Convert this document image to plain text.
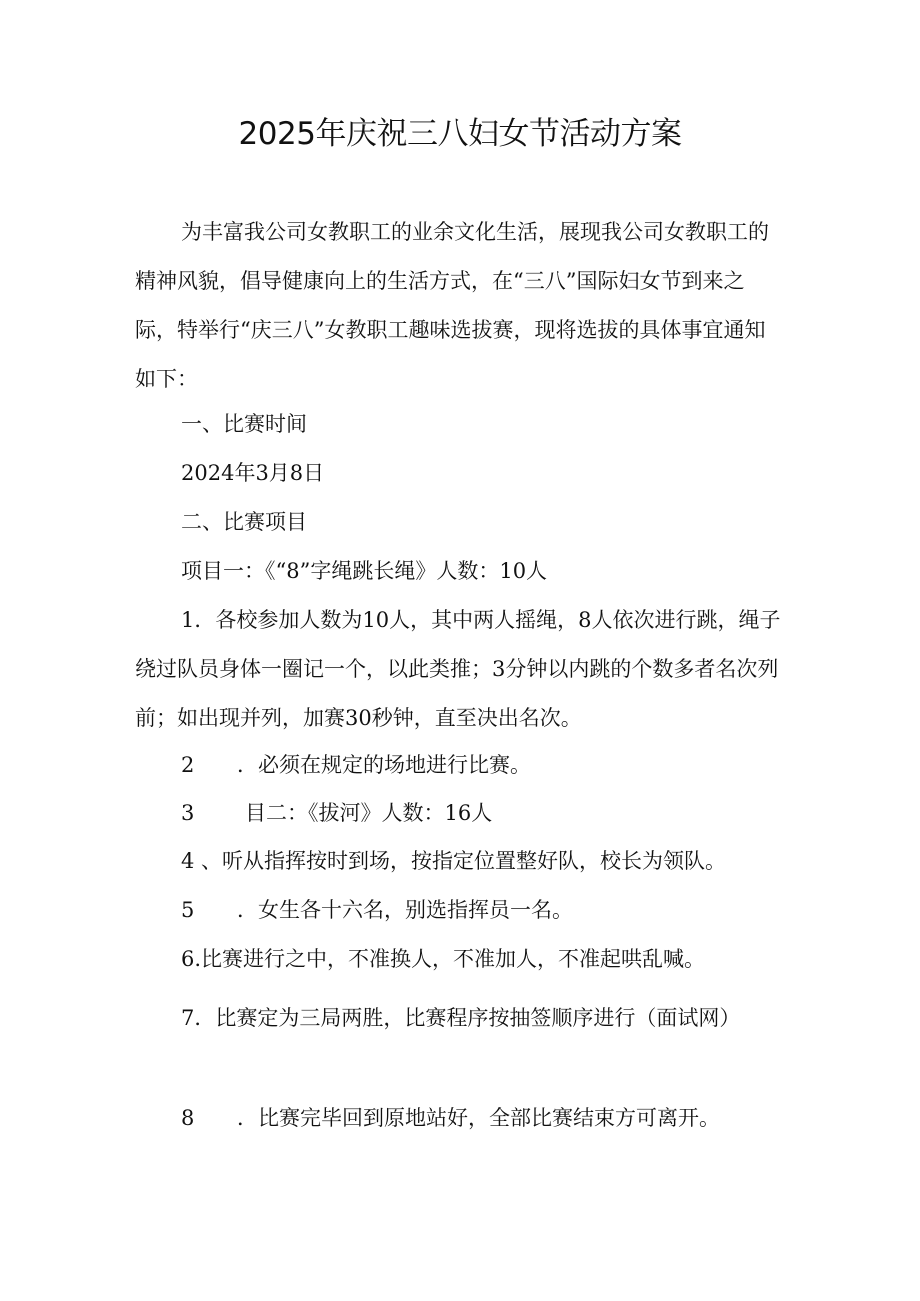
2025年庆祝三八妇女节活动方案

为丰富我公司女教职工的业余文化生活，展现我公司女教职工的精神风貌，倡导健康向上的生活方式，在“三八”国际妇女节到来之际，特举行“庆三八”女教职工趣味选拔赛，现将选拔的具体事宜通知如下：

一、比赛时间

2024年3月8日

二、比赛项目

项目一：《“8”字绳跳长绳》人数：10人

1．各校参加人数为10人，其中两人摇绳，8人依次进行跳，绳子绕过队员身体一圈记一个，以此类推；3分钟以内跳的个数多者名次列前；如出现并列，加赛30秒钟，直至决出名次。

2 ．必须在规定的场地进行比赛。

3 目二：《拔河》人数：16人

4 、听从指挥按时到场，按指定位置整好队，校长为领队。

5 ．女生各十六名，别选指挥员一名。

6.比赛进行之中，不准换人，不准加人，不准起哄乱喊。

7．比赛定为三局两胜，比赛程序按抽签顺序进行（面试网）

8 ．比赛完毕回到原地站好，全部比赛结束方可离开。
